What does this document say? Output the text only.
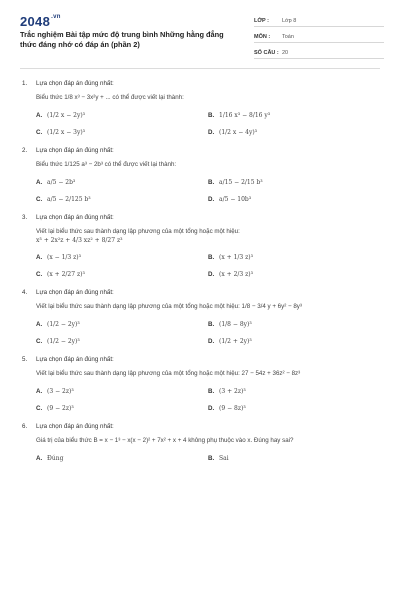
$2048^{.vn}$
Trắc nghiệm Bài tập mức độ trung bình Những hằng đẳng thức đáng nhớ có đáp án (phần 2)
LỚP :	Lớp 8
MÔN :	Toán
SỐ CÂU : 20
1.	Lựa chọn đáp án đúng nhất:
Biểu thức 1/8 x³ − 3x²y + ... có thể được viết lại thành:
A. (1/2 x − 2y)³	B. 1/16 x³ − 8/16 y³
C. (1/2 x − 3y)³	D. (1/2 x − 4y)³
2.	Lựa chọn đáp án đúng nhất:
Biểu thức 1/125 a³ − 2b³ có thể được viết lại thành:
A. a/5 − 2b³	B. a/15 − 2/15 b³
C. a/5 − 2/125 b³	D. a/5 − 10b³
3.	Lựa chọn đáp án đúng nhất:
Viết lại biểu thức sau thành dạng lập phương của một tổng hoặc một hiệu:
x³ + 2x²z + 4/3 xz² + 8/27 z³
A. (x − 1/3 z)³	B. (x + 1/3 z)³
C. (x + 2/27 z)³	D. (x + 2/3 z)³
4.	Lựa chọn đáp án đúng nhất:
Viết lại biểu thức sau thành dạng lập phương của một tổng hoặc một hiệu: 1/8 − 3/4 y + 6y² − 8y³
A. (1/2 − 2y)³	B. (1/8 − 8y)³
C. (1/2 − 2y)³	D. (1/2 + 2y)³
5.	Lựa chọn đáp án đúng nhất:
Viết lại biểu thức sau thành dạng lập phương của một tổng hoặc một hiệu: 27 − 54z + 36z² − 8z³
A. (3 − 2z)³	B. (3 + 2z)³
C. (9 − 2z)³	D. (9 − 8z)³
6.	Lựa chọn đáp án đúng nhất:
Giá trị của biểu thức B = x − 1³ − x(x − 2)² + 7x² + x + 4 không phụ thuộc vào x. Đúng hay sai?
A. Đúng	B. Sai
